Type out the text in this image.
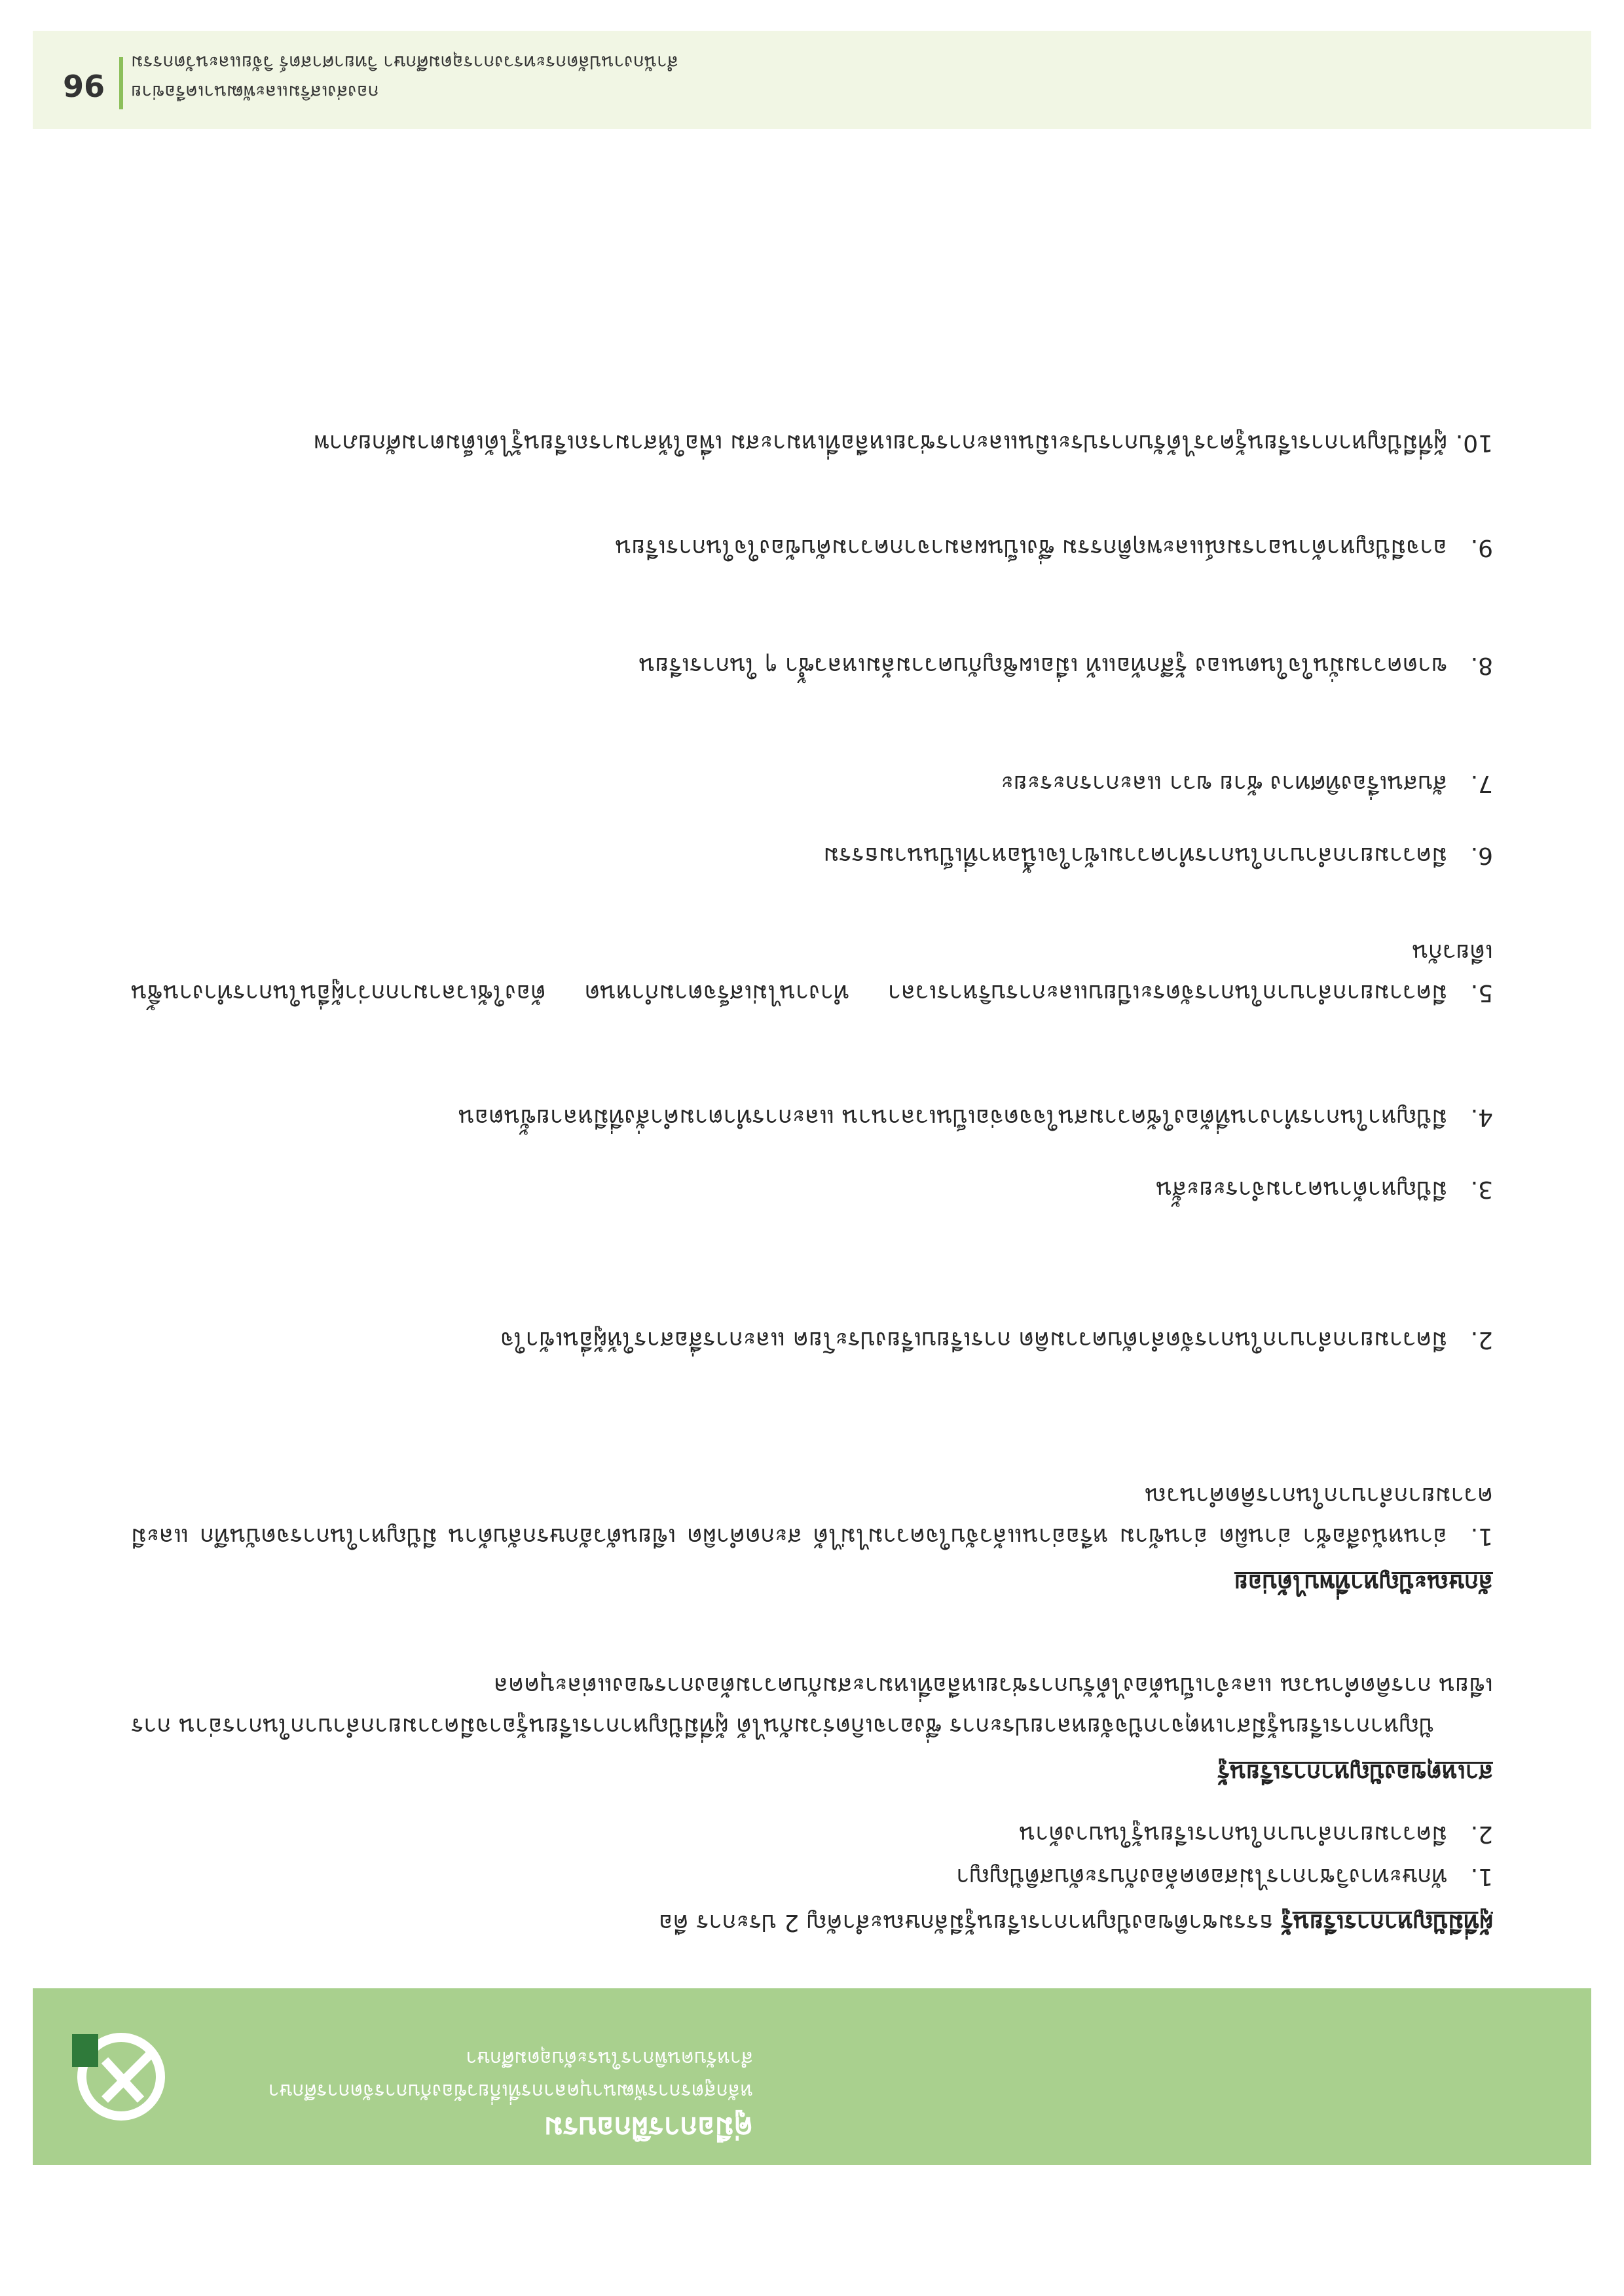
คู่มือการฝึกอบรม
หลักสูตรการพัฒนาบุคลากรที่เกี่ยวข้องกับการจัดการศึกษา
สำหรับคนพิการในระดับอุดมศึกษา
96 กองส่งเสริมและพัฒนาเครือข่าย
สำนักงานปลัดกระทรวงการอุดมศึกษา วิทยาศาสตร์ วิจัยและนวัตกรรม
ผู้ที่มีปัญหาการเรียนรู้ ธรรมชาติของปัญหาการเรียนรู้มีลักษณะสำคัญ 2 ประการ คือ
1.ทักษะทางวิชาการไม่สอดคล้องกับระดับสติปัญญา
2.มีความยากลำบากในการเรียนรู้ในบางด้าน
สาเหตุของปัญหาการเรียนรู้
ปัญหาการเรียนรู้มีสาเหตุจากปัจจัยหลายประการ ซึ่งอาจเกิดร่วมกันได้ ผู้ที่มีปัญหาการเรียนรู้อาจมีความยากลำบากในการอ่าน การเขียน การคิดคำนวณ และจำเป็นต้องได้รับการช่วยเหลือที่เหมาะสมกับความต้องการของแต่ละบุคคล
ลักษณะปัญหาที่พบได้บ่อย
1.อ่านหนังสือช้า อ่านผิด อ่านข้าม หรืออ่านแล้วจับใจความไม่ได้ สะกดคำผิด เขียนตัวอักษรกลับด้าน มีปัญหาในการจดบันทึก และมีความยากลำบากในการคิดคำนวณ
2.มีความยากลำบากในการจัดลำดับความคิด การเรียบเรียงประโยค และการสื่อสารให้ผู้อื่นเข้าใจ
3.มีปัญหาด้านความจำระยะสั้น
4.มีปัญหาในการทำงานที่ต้องใช้ความสนใจจดจ่อเป็นเวลานาน และการทำตามคำสั่งที่มีหลายขั้นตอน
5.มีความยากลำบากในการจัดระเบียบและการบริหารเวลา ทำงานไม่เสร็จตามกำหนด ต้องใช้เวลามากกว่าผู้อื่นในการทำงานชิ้นเดียวกัน
6.มีความยากลำบากในการทำความเข้าใจเนื้อหาที่เป็นนามธรรม
7.สับสนเรื่องทิศทาง ซ้าย ขวา และการกะระยะ
8.ขาดความมั่นใจในตนเอง รู้สึกท้อแท้ เมื่อเผชิญกับความล้มเหลวซ้ำ ๆ ในการเรียน
9.อาจมีปัญหาด้านอารมณ์และพฤติกรรม ซึ่งเป็นผลมาจากความคับข้องใจในการเรียน
10.ผู้ที่มีปัญหาการเรียนรู้ควรได้รับการประเมินและการช่วยเหลือที่เหมาะสม เพื่อให้สามารถเรียนรู้ได้เต็มตามศักยภาพ
